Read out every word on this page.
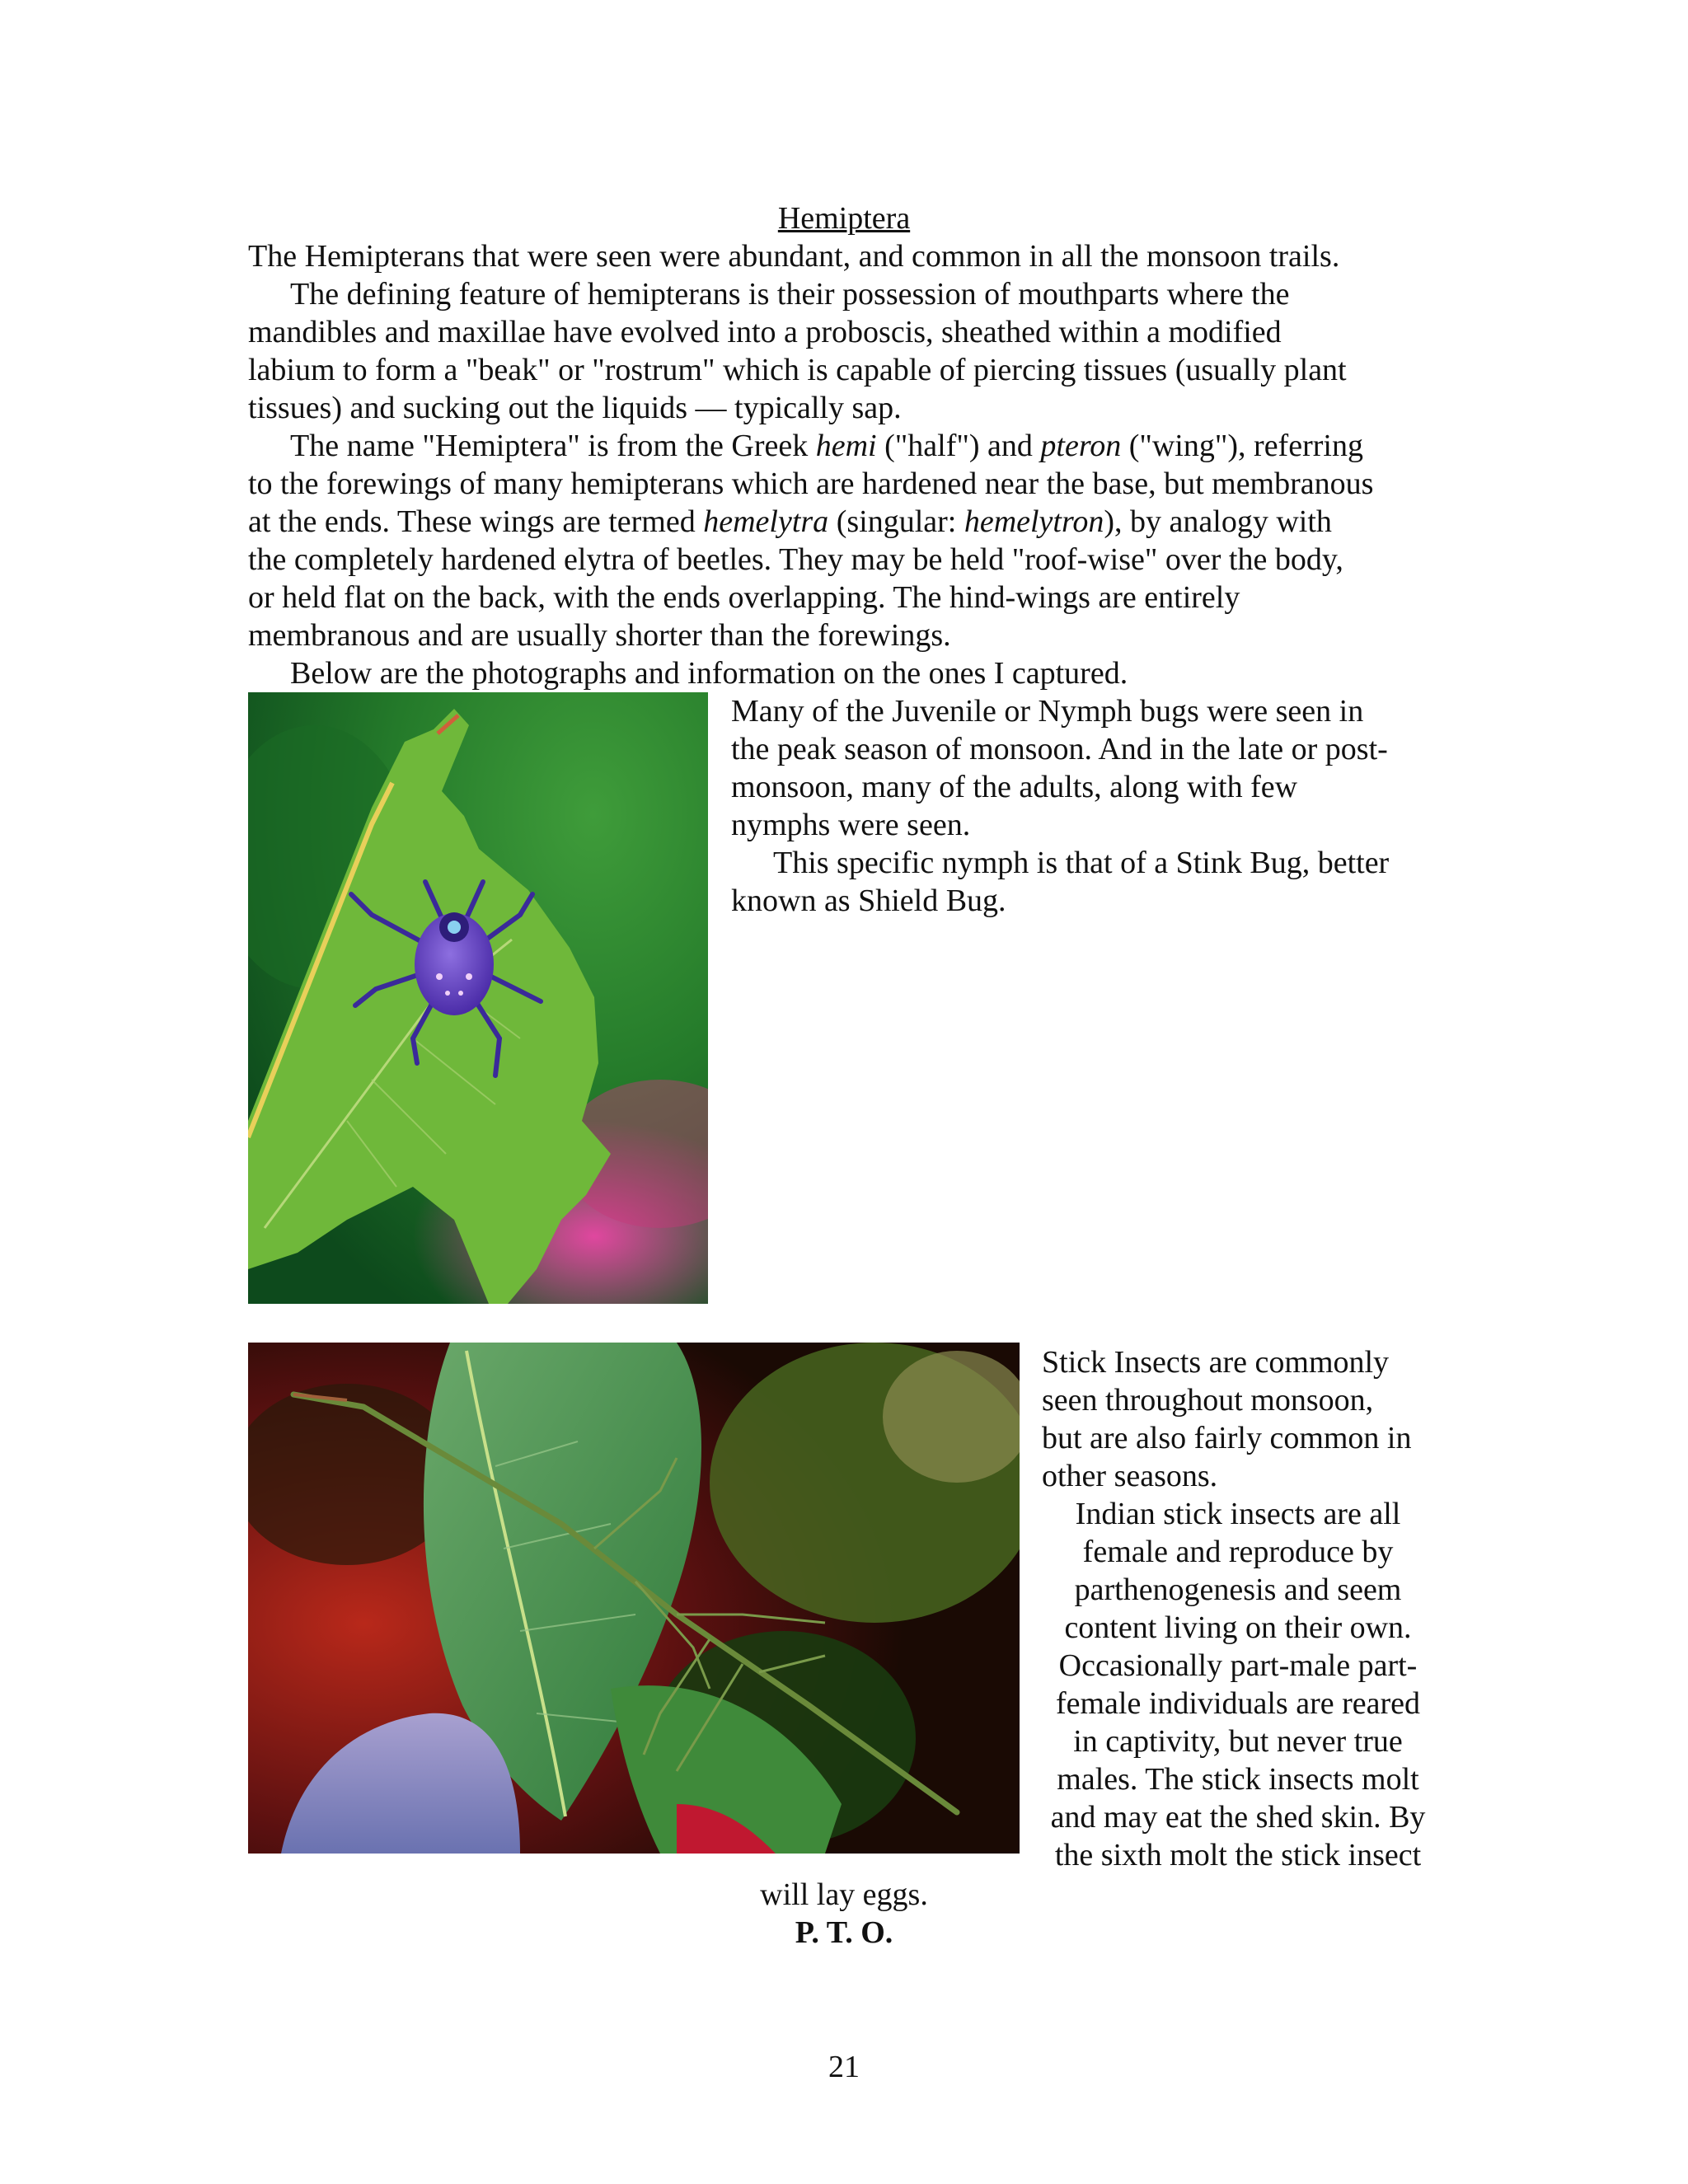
Hemiptera
The Hemipterans that were seen were abundant, and common in all the monsoon trails.
The defining feature of hemipterans is their possession of mouthparts where the
mandibles and maxillae have evolved into a proboscis, sheathed within a modified
labium to form a "beak" or "rostrum" which is capable of piercing tissues (usually plant
tissues) and sucking out the liquids — typically sap.
The name "Hemiptera" is from the Greek hemi ("half") and pteron ("wing"), referring
to the forewings of many hemipterans which are hardened near the base, but membranous
at the ends. These wings are termed hemelytra (singular: hemelytron), by analogy with
the completely hardened elytra of beetles. They may be held "roof-wise" over the body,
or held flat on the back, with the ends overlapping. The hind-wings are entirely
membranous and are usually shorter than the forewings.
Below are the photographs and information on the ones I captured.
Many of the Juvenile or Nymph bugs were seen in
the peak season of monsoon. And in the late or post-
monsoon, many of the adults, along with few
nymphs were seen.
This specific nymph is that of a Stink Bug, better
known as Shield Bug.
Stick Insects are commonly
seen throughout monsoon,
but are also fairly common in
other seasons.
Indian stick insects are all
female and reproduce by
parthenogenesis and seem
content living on their own.
Occasionally part-male part-
female individuals are reared
in captivity, but never true
males. The stick insects molt
and may eat the shed skin. By
the sixth molt the stick insect
will lay eggs.
P. T. O.
21
